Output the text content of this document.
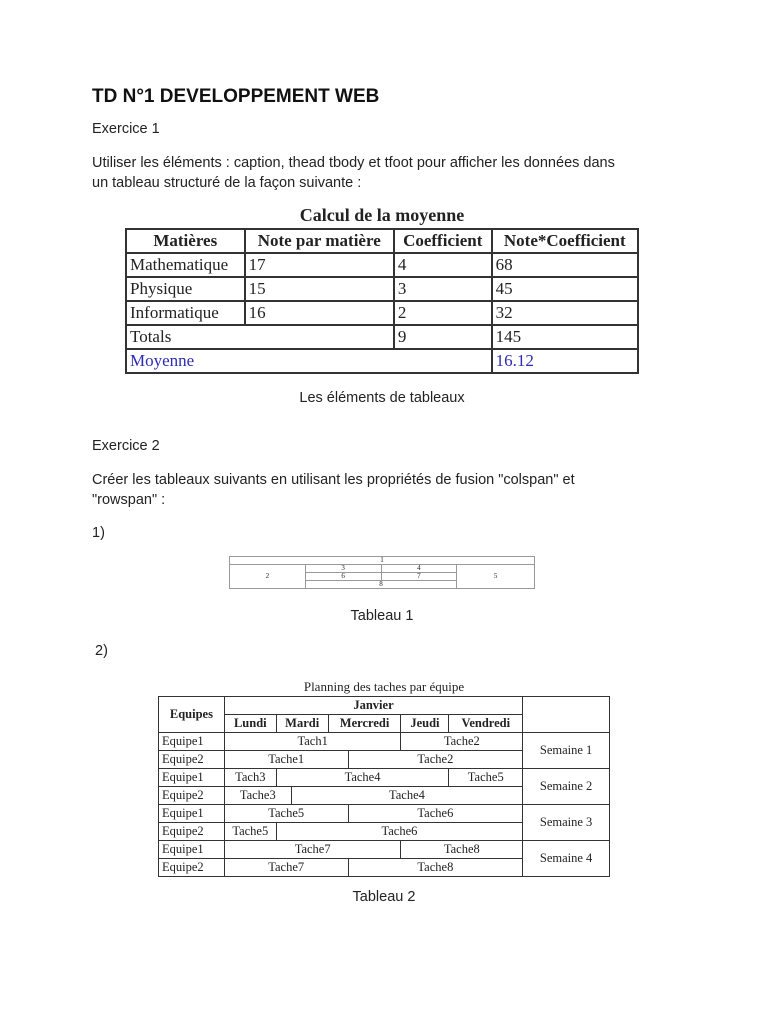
TD N°1 DEVELOPPEMENT WEB
Exercice 1
Utiliser les éléments : caption, thead tbody et tfoot pour afficher les données dans
un tableau structuré de la façon suivante :
Calcul de la moyenne
Matières	Note par matière	Coefficient	Note*Coefficient
Mathematique	17	4	68
Physique	15	3	45
Informatique	16	2	32
Totals		9	145
Moyenne			16.12
Les éléments de tableaux
Exercice 2
Créer les tableaux suivants en utilisant les propriétés de fusion "colspan" et
"rowspan" :
1)
1			
2	3	4	5
	6	7	
	8		
Tableau 1
2)
Planning des taches par équipe
Equipes	Janvier							
	Lundi	Mardi		Mercredi		Jeudi	Vendredi	
Equipe1	Tach1					Tache2		Semaine 1
Equipe2	Tache1				Tache2			
Equipe1	Tach3	Tache4					Tache5	Semaine 2
Equipe2	Tache3		Tache4					
Equipe1	Tache5				Tache6			Semaine 3
Equipe2	Tache5	Tache6						
Equipe1	Tache7					Tache8		Semaine 4
Equipe2	Tache7				Tache8			
Tableau 2
